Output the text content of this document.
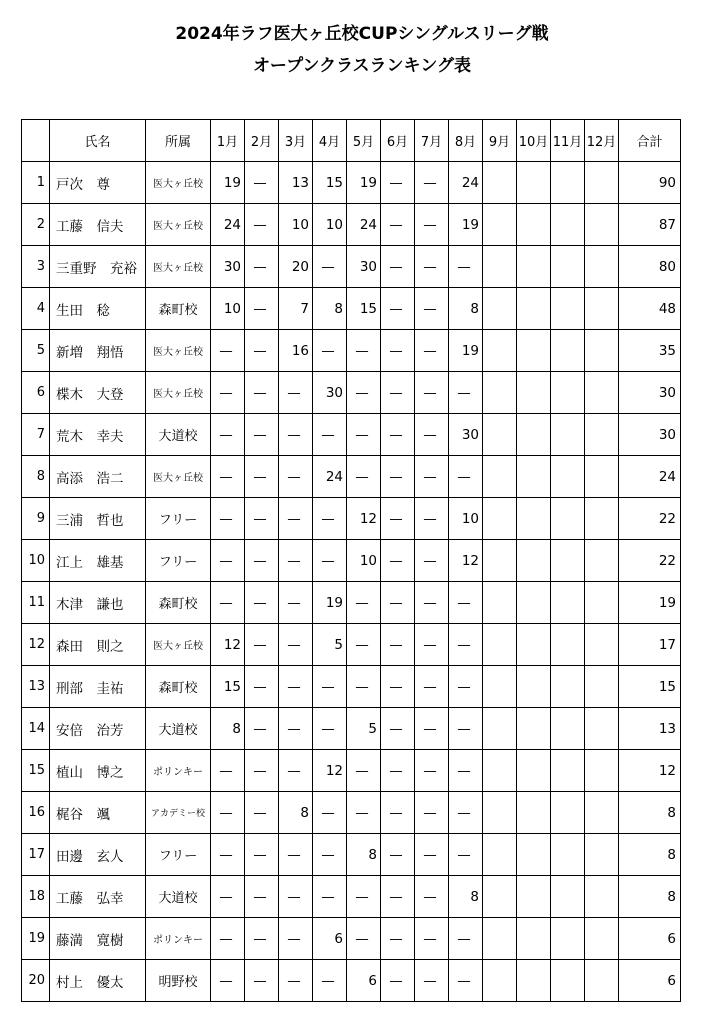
2024年ラフ医大ヶ丘校CUPシングルスリーグ戦
オープンクラスランキング表
	氏名	所属	1月	2月	3月	4月	5月	6月	7月	8月	9月	10月	11月	12月	合計
1	戸次　尊	医大ヶ丘校	19	—	13	15	19	—	—	24					90
2	工藤　信夫	医大ヶ丘校	24	—	10	10	24	—	—	19					87
3	三重野　充裕	医大ヶ丘校	30	—	20	—	30	—	—	—					80
4	生田　稔	森町校	10	—	7	8	15	—	—	8					48
5	新増　翔悟	医大ヶ丘校	—	—	16	—	—	—	—	19					35
6	楪木　大登	医大ヶ丘校	—	—	—	30	—	—	—	—					30
7	荒木　幸夫	大道校	—	—	—	—	—	—	—	30					30
8	高添　浩二	医大ヶ丘校	—	—	—	24	—	—	—	—					24
9	三浦　哲也	フリー	—	—	—	—	12	—	—	10					22
10	江上　雄基	フリー	—	—	—	—	10	—	—	12					22
11	木津　謙也	森町校	—	—	—	19	—	—	—	—					19
12	森田　則之	医大ヶ丘校	12	—	—	5	—	—	—	—					17
13	刑部　圭祐	森町校	15	—	—	—	—	—	—	—					15
14	安倍　治芳	大道校	8	—	—	—	5	—	—	—					13
15	植山　博之	ポリンキー	—	—	—	12	—	—	—	—					12
16	梶谷　颯	アカデミー校	—	—	8	—	—	—	—	—					8
17	田邊　玄人	フリー	—	—	—	—	8	—	—	—					8
18	工藤　弘幸	大道校	—	—	—	—	—	—	—	8					8
19	藤満　寛樹	ポリンキー	—	—	—	6	—	—	—	—					6
20	村上　優太	明野校	—	—	—	—	6	—	—	—					6
